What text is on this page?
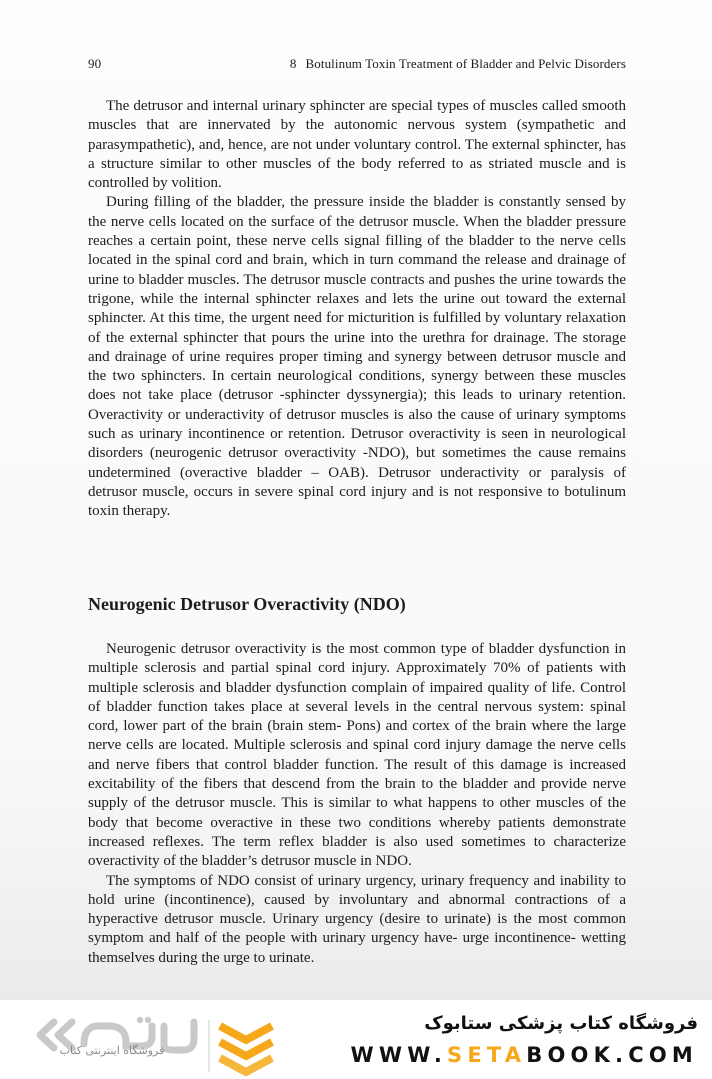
90	8 Botulinum Toxin Treatment of Bladder and Pelvic Disorders

The detrusor and internal urinary sphincter are special types of muscles called smooth muscles that are innervated by the autonomic nervous system (sympathetic and parasympathetic), and, hence, are not under voluntary control. The external sphincter, has a structure similar to other muscles of the body referred to as striated muscle and is controlled by volition.

During filling of the bladder, the pressure inside the bladder is constantly sensed by the nerve cells located on the surface of the detrusor muscle. When the bladder pressure reaches a certain point, these nerve cells signal filling of the bladder to the nerve cells located in the spinal cord and brain, which in turn command the release and drainage of urine to bladder muscles. The detrusor muscle contracts and pushes the urine towards the trigone, while the internal sphincter relaxes and lets the urine out toward the external sphincter. At this time, the urgent need for micturition is fulfilled by voluntary relaxation of the external sphincter that pours the urine into the urethra for drainage. The storage and drainage of urine requires proper timing and synergy between detrusor muscle and the two sphincters. In certain neurological conditions, synergy between these muscles does not take place (detrusor -sphincter dyssynergia); this leads to urinary retention. Overactivity or underactivity of detrusor muscles is also the cause of urinary symptoms such as urinary incontinence or retention. Detrusor overactivity is seen in neurological disorders (neurogenic detrusor overactivity -NDO), but sometimes the cause remains undetermined (overactive bladder – OAB). Detrusor underactivity or paralysis of detrusor muscle, occurs in severe spinal cord injury and is not responsive to botulinum toxin therapy.

Neurogenic Detrusor Overactivity (NDO)

Neurogenic detrusor overactivity is the most common type of bladder dysfunction in multiple sclerosis and partial spinal cord injury. Approximately 70% of patients with multiple sclerosis and bladder dysfunction complain of impaired quality of life. Control of bladder function takes place at several levels in the central nervous system: spinal cord, lower part of the brain (brain stem- Pons) and cortex of the brain where the large nerve cells are located. Multiple sclerosis and spinal cord injury damage the nerve cells and nerve fibers that control bladder function. The result of this damage is increased excitability of the fibers that descend from the brain to the bladder and provide nerve supply of the detrusor muscle. This is similar to what happens to other muscles of the body that become overactive in these two conditions whereby patients demonstrate increased reflexes. The term reflex bladder is also used sometimes to characterize overactivity of the bladder’s detrusor muscle in NDO.

The symptoms of NDO consist of urinary urgency, urinary frequency and inability to hold urine (incontinence), caused by involuntary and abnormal contractions of a hyperactive detrusor muscle. Urinary urgency (desire to urinate) is the most common symptom and half of the people with urinary urgency have- urge incontinence- wetting themselves during the urge to urinate.

فروشگاه اینترنتی کتاب
فروشگاه کتاب پزشکی ستابوک
WWW.SETABOOK.COM
